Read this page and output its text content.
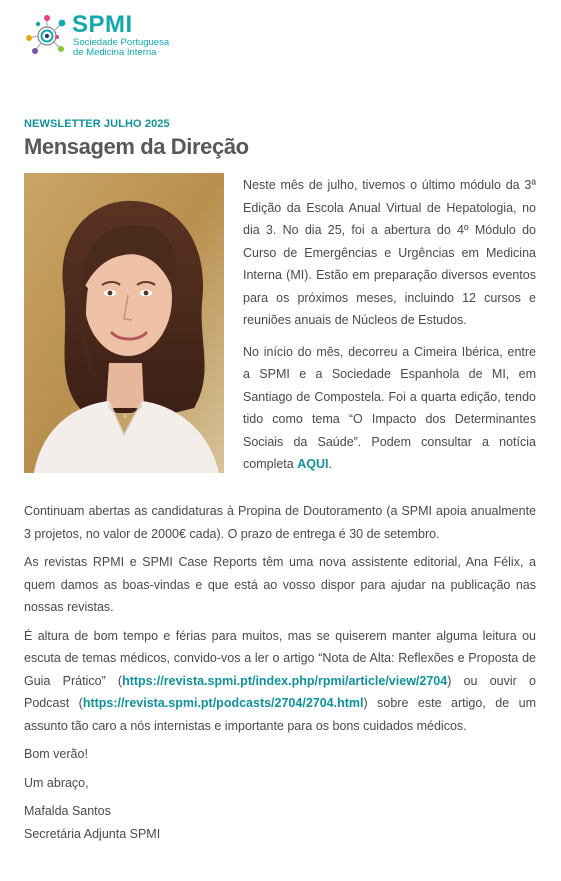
SPMI
Sociedade Portuguesa
de Medicina Interna
NEWSLETTER JULHO 2025
Mensagem da Direção

Neste mês de julho, tivemos o último módulo da 3ª Edição da Escola Anual Virtual de Hepatologia, no dia 3. No dia 25, foi a abertura do 4º Módulo do Curso de Emergências e Urgências em Medicina Interna (MI). Estão em preparação diversos eventos para os próximos meses, incluindo 12 cursos e reuniões anuais de Núcleos de Estudos.

No início do mês, decorreu a Cimeira Ibérica, entre a SPMI e a Sociedade Espanhola de MI, em Santiago de Compostela. Foi a quarta edição, tendo tido como tema “O Impacto dos Determinantes Sociais da Saúde”. Podem consultar a notícia completa AQUI.

Continuam abertas as candidaturas à Propina de Doutoramento (a SPMI apoia anualmente 3 projetos, no valor de 2000€ cada). O prazo de entrega é 30 de setembro.

As revistas RPMI e SPMI Case Reports têm uma nova assistente editorial, Ana Félix, a quem damos as boas-vindas e que está ao vosso dispor para ajudar na publicação nas nossas revistas.

É altura de bom tempo e férias para muitos, mas se quiserem manter alguma leitura ou escuta de temas médicos, convido-vos a ler o artigo “Nota de Alta: Reflexões e Proposta de Guia Prático” (https://revista.spmi.pt/index.php/rpmi/article/view/2704) ou ouvir o Podcast (https://revista.spmi.pt/podcasts/2704/2704.html) sobre este artigo, de um assunto tão caro a nós internistas e importante para os bons cuidados médicos.

Bom verão!

Um abraço,

Mafalda Santos

Secretária Adjunta SPMI
